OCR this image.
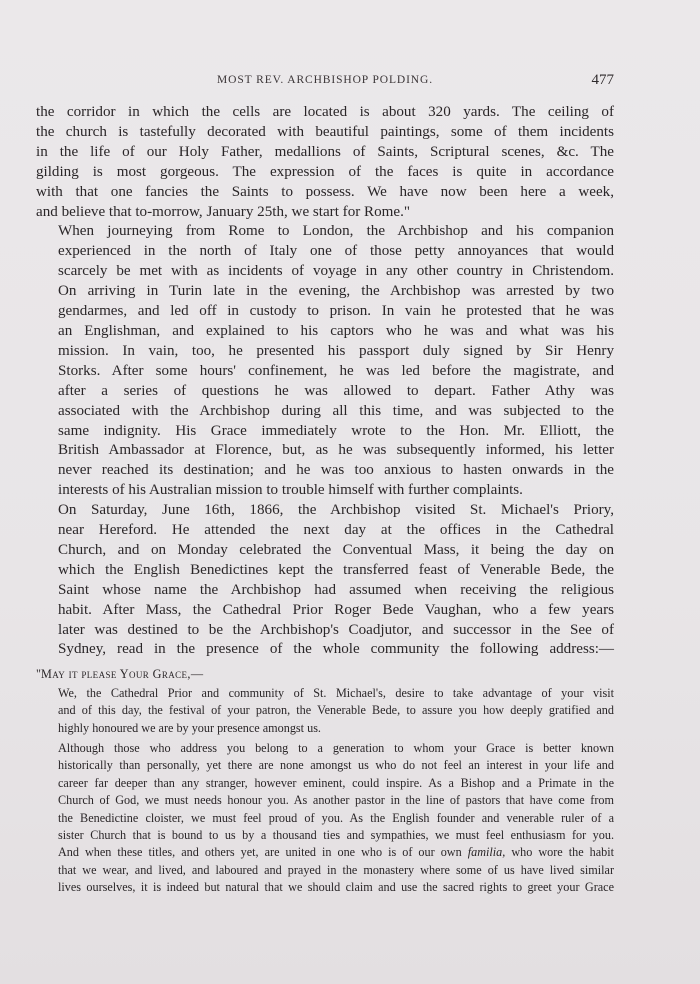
MOST REV. ARCHBISHOP POLDING.	477

the corridor in which the cells are located is about 320 yards. The ceiling of
the church is tastefully decorated with beautiful paintings, some of them incidents
in the life of our Holy Father, medallions of Saints, Scriptural scenes, &c. The
gilding is most gorgeous. The expression of the faces is quite in accordance
with that one fancies the Saints to possess. We have now been here a week,
and believe that to-morrow, January 25th, we start for Rome."

When journeying from Rome to London, the Archbishop and his companion
experienced in the north of Italy one of those petty annoyances that would
scarcely be met with as incidents of voyage in any other country in Christendom.
On arriving in Turin late in the evening, the Archbishop was arrested by two
gendarmes, and led off in custody to prison. In vain he protested that he was
an Englishman, and explained to his captors who he was and what was his
mission. In vain, too, he presented his passport duly signed by Sir Henry
Storks. After some hours' confinement, he was led before the magistrate, and
after a series of questions he was allowed to depart. Father Athy was
associated with the Archbishop during all this time, and was subjected to the
same indignity. His Grace immediately wrote to the Hon. Mr. Elliott, the
British Ambassador at Florence, but, as he was subsequently informed, his letter
never reached its destination; and he was too anxious to hasten onwards in the
interests of his Australian mission to trouble himself with further complaints.

On Saturday, June 16th, 1866, the Archbishop visited St. Michael's Priory,
near Hereford. He attended the next day at the offices in the Cathedral
Church, and on Monday celebrated the Conventual Mass, it being the day on
which the English Benedictines kept the transferred feast of Venerable Bede, the
Saint whose name the Archbishop had assumed when receiving the religious
habit. After Mass, the Cathedral Prior Roger Bede Vaughan, who a few years
later was destined to be the Archbishop's Coadjutor, and successor in the See of
Sydney, read in the presence of the whole community the following address:—

"May it please Your Grace,—

We, the Cathedral Prior and community of St. Michael's, desire to take advantage of your visit
and of this day, the festival of your patron, the Venerable Bede, to assure you how deeply gratified and
highly honoured we are by your presence amongst us.

Although those who address you belong to a generation to whom your Grace is better known
historically than personally, yet there are none amongst us who do not feel an interest in your life and
career far deeper than any stranger, however eminent, could inspire. As a Bishop and a Primate in the
Church of God, we must needs honour you. As another pastor in the line of pastors that have come from
the Benedictine cloister, we must feel proud of you. As the English founder and venerable ruler of a
sister Church that is bound to us by a thousand ties and sympathies, we must feel enthusiasm for you.
And when these titles, and others yet, are united in one who is of our own familia, who wore the habit
that we wear, and lived, and laboured and prayed in the monastery where some of us have lived similar
lives ourselves, it is indeed but natural that we should claim and use the sacred rights to greet your Grace
